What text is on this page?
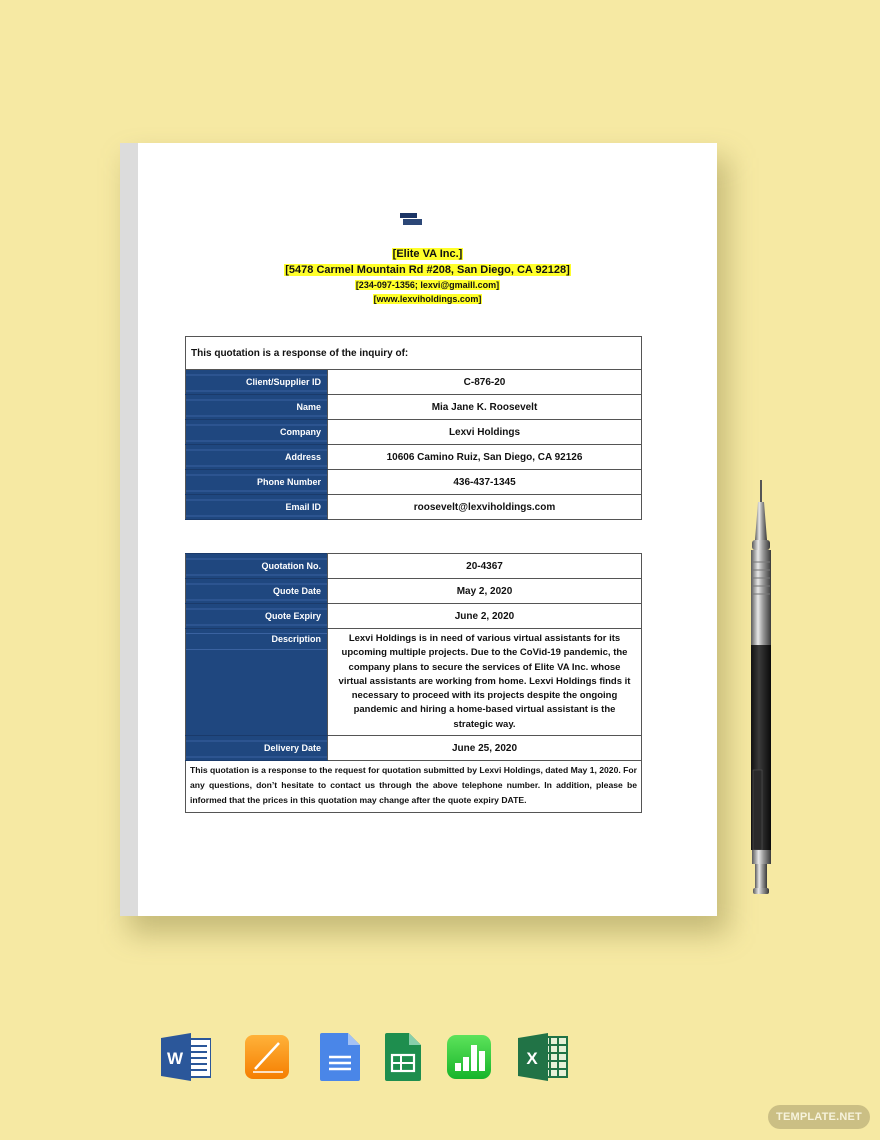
[Elite VA Inc.]
[5478 Carmel Mountain Rd #208, San Diego, CA 92128]
[234-097-1356; lexvi@gmaill.com]
[www.lexviholdings.com]
This quotation is a response of the inquiry of:	
Client/Supplier ID	C-876-20
Name	Mia Jane K. Roosevelt
Company	Lexvi Holdings
Address	10606 Camino Ruiz, San Diego, CA 92126
Phone Number	436-437-1345
Email ID	roosevelt@lexviholdings.com
Quotation No.	20-4367
Quote Date	May 2, 2020
Quote Expiry	June 2, 2020
Description	Lexvi Holdings is in need of various virtual assistants for its upcoming multiple projects. Due to the CoVid-19 pandemic, the company plans to secure the services of Elite VA Inc. whose virtual assistants are working from home. Lexvi Holdings finds it necessary to proceed with its projects despite the ongoing pandemic and hiring a home-based virtual assistant is the strategic way.
Delivery Date	June 25, 2020
This quotation is a response to the request for quotation submitted by Lexvi Holdings, dated May 1, 2020. For any questions, don’t hesitate to contact us through the above telephone number. In addition, please be informed that the prices in this quotation may change after the quote expiry DATE.	
W	X
TEMPLATE.NET
